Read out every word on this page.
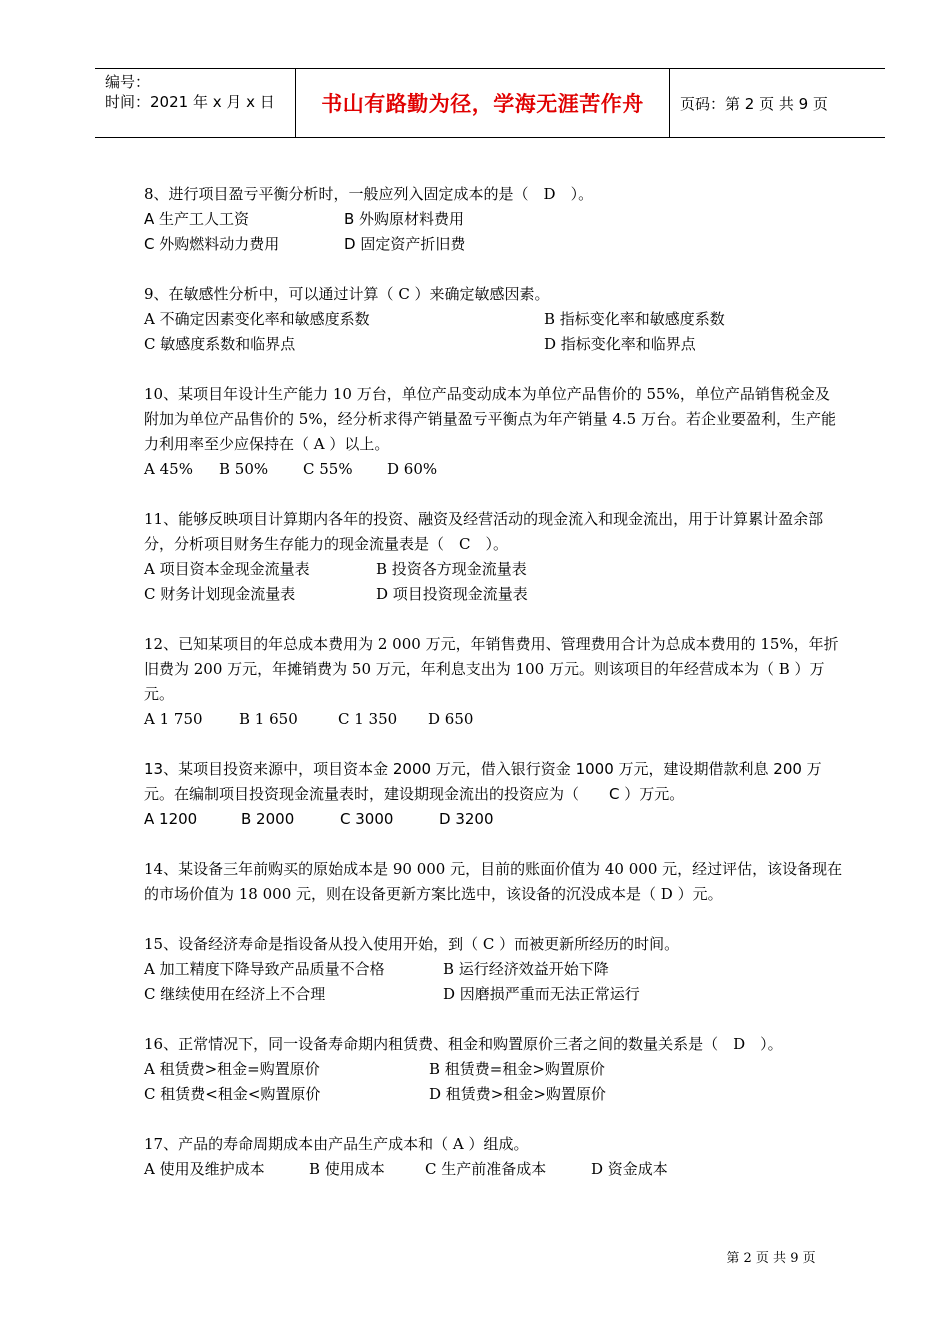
编号：
时间：2021 年 x 月 x 日	书山有路勤为径，学海无涯苦作舟	页码：第 2 页 共 9 页
8、进行项目盈亏平衡分析时，一般应列入固定成本的是（　D　）。
A 生产工人工资	B 外购原材料费用
C 外购燃料动力费用	D 固定资产折旧费
9、在敏感性分析中，可以通过计算（ C ）来确定敏感因素。
A 不确定因素变化率和敏感度系数	B 指标变化率和敏感度系数
C 敏感度系数和临界点	D 指标变化率和临界点
10、某项目年设计生产能力 10 万台，单位产品变动成本为单位产品售价的 55%，单位产品销售税金及附加为单位产品售价的 5%，经分析求得产销量盈亏平衡点为年产销量 4.5 万台。若企业要盈利，生产能力利用率至少应保持在（ A ）以上。
A 45%	B 50%	C 55%	D 60%
11、能够反映项目计算期内各年的投资、融资及经营活动的现金流入和现金流出，用于计算累计盈余部分，分析项目财务生存能力的现金流量表是（　C　）。
A 项目资本金现金流量表	B 投资各方现金流量表
C 财务计划现金流量表	D 项目投资现金流量表
12、已知某项目的年总成本费用为 2 000 万元，年销售费用、管理费用合计为总成本费用的 15%，年折旧费为 200 万元，年摊销费为 50 万元，年利息支出为 100 万元。则该项目的年经营成本为（ B ）万元。
A 1 750	B 1 650	C 1 350	D 650
13、某项目投资来源中，项目资本金 2000 万元，借入银行资金 1000 万元，建设期借款利息 200 万元。在编制项目投资现金流量表时，建设期现金流出的投资应为（　　C ）万元。
A 1200	B 2000	C 3000	D 3200
14、某设备三年前购买的原始成本是 90 000 元，目前的账面价值为 40 000 元，经过评估，该设备现在的市场价值为 18 000 元，则在设备更新方案比选中，该设备的沉没成本是（ D ）元。
15、设备经济寿命是指设备从投入使用开始，到（ C ）而被更新所经历的时间。
A 加工精度下降导致产品质量不合格	B 运行经济效益开始下降
C 继续使用在经济上不合理	D 因磨损严重而无法正常运行
16、正常情况下，同一设备寿命期内租赁费、租金和购置原价三者之间的数量关系是（　D　）。
A 租赁费>租金=购置原价	B 租赁费=租金>购置原价
C 租赁费<租金<购置原价	D 租赁费>租金>购置原价
17、产品的寿命周期成本由产品生产成本和（ A ）组成。
A 使用及维护成本	B 使用成本	C 生产前准备成本	D 资金成本
第 2 页 共 9 页
